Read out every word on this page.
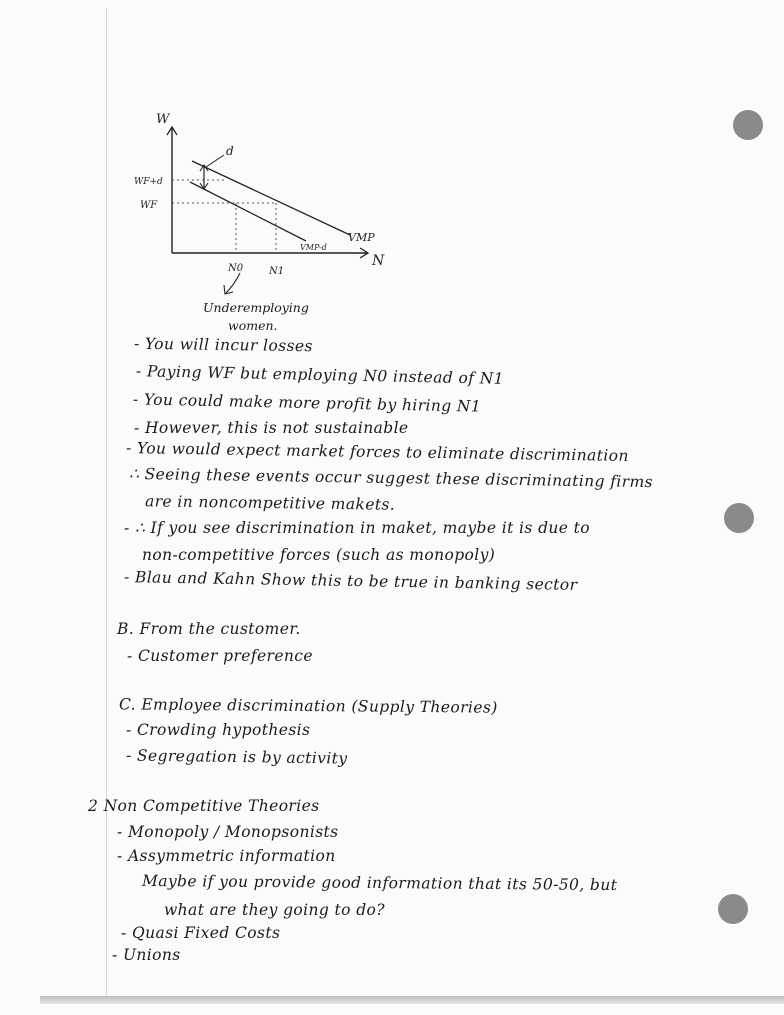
W
N
WF+d
WF
N0	N1
d
VMP
VMP-d
Underemploying
women.
- You will incur losses
- Paying WF but employing N0 instead of N1
- You could make more profit by hiring N1
- However, this is not sustainable
- You would expect market forces to eliminate discrimination
∴ Seeing these events occur suggest these discriminating firms
are in noncompetitive makets.
- ∴ If you see discrimination in maket, maybe it is due to
non-competitive forces (such as monopoly)
- Blau and Kahn Show this to be true in banking sector
B. From the customer.
- Customer preference
C. Employee discrimination (Supply Theories)
- Crowding hypothesis
- Segregation is by activity
2 Non Competitive Theories
- Monopoly / Monopsonists
- Assymmetric information
Maybe if you provide good information that its 50-50, but
what are they going to do?
- Quasi Fixed Costs
- Unions
